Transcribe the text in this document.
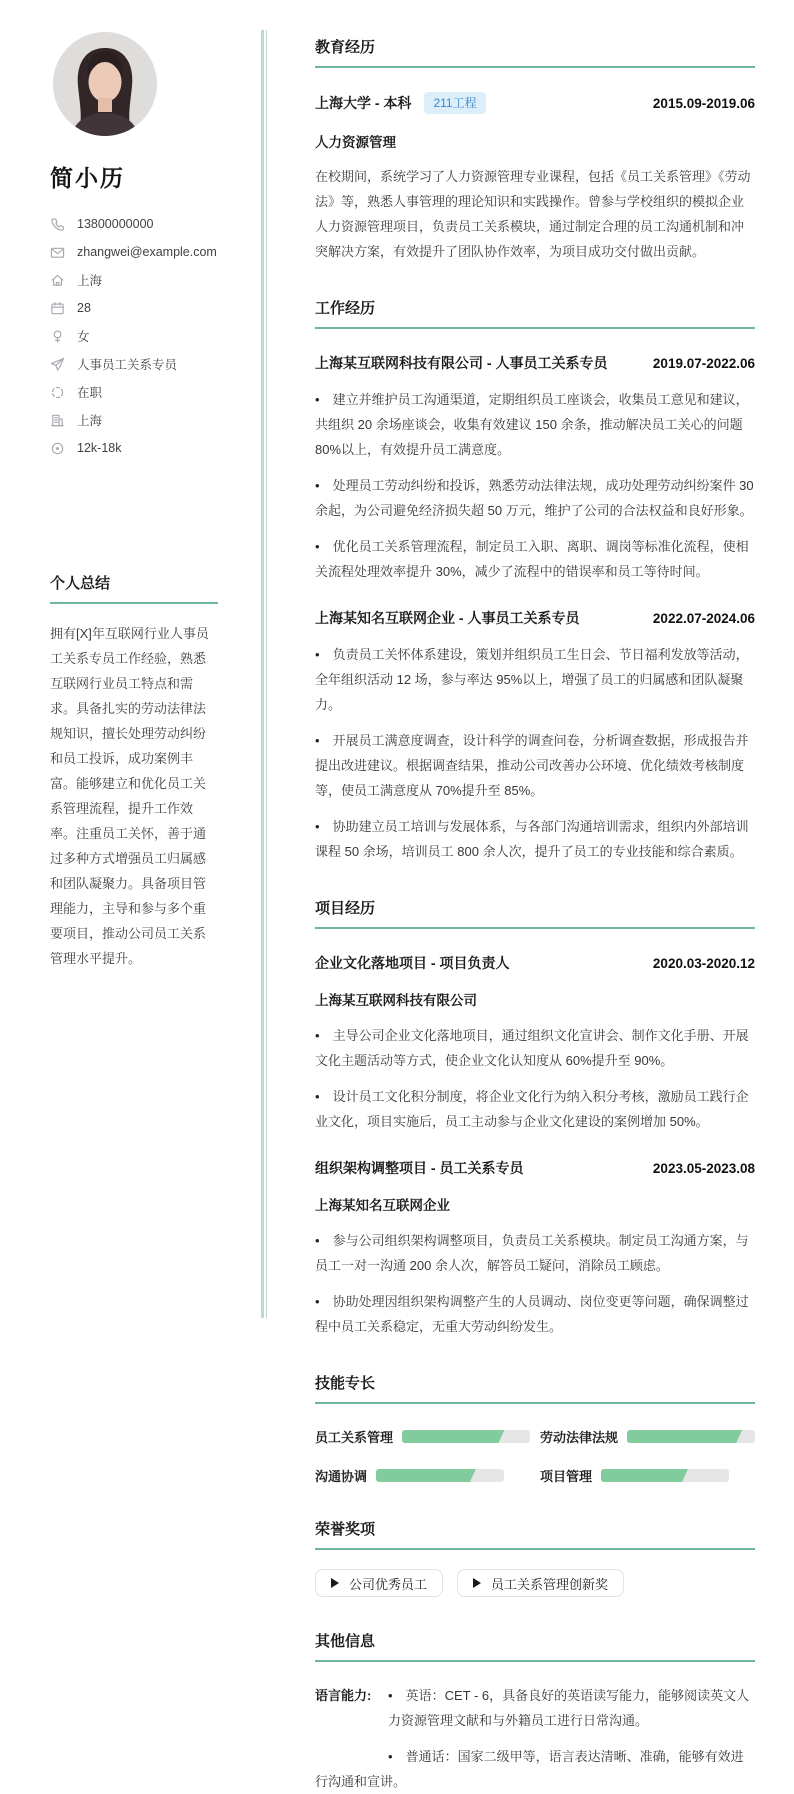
简小历
13800000000
zhangwei@example.com
上海
28
女
人事员工关系专员
在职
上海
12k-18k
个人总结

拥有[X]年互联网行业人事员工关系专员工作经验，熟悉互联网行业员工特点和需求。具备扎实的劳动法律法规知识，擅长处理劳动纠纷和员工投诉，成功案例丰富。能够建立和优化员工关系管理流程，提升工作效率。注重员工关怀，善于通过多种方式增强员工归属感和团队凝聚力。具备项目管理能力，主导和参与多个重要项目，推动公司员工关系管理水平提升。

教育经历
上海大学 - 本科	211工程	2015.09-2019.06
人力资源管理

在校期间，系统学习了人力资源管理专业课程，包括《员工关系管理》《劳动法》等，熟悉人事管理的理论知识和实践操作。曾参与学校组织的模拟企业人力资源管理项目，负责员工关系模块，通过制定合理的员工沟通机制和冲突解决方案，有效提升了团队协作效率，为项目成功交付做出贡献。

工作经历
上海某互联网科技有限公司 - 人事员工关系专员	2019.07-2022.06

• 建立并维护员工沟通渠道，定期组织员工座谈会，收集员工意见和建议，共组织 20 余场座谈会，收集有效建议 150 余条，推动解决员工关心的问题 80%以上，有效提升员工满意度。

• 处理员工劳动纠纷和投诉，熟悉劳动法律法规，成功处理劳动纠纷案件 30 余起，为公司避免经济损失超 50 万元，维护了公司的合法权益和良好形象。

• 优化员工关系管理流程，制定员工入职、离职、调岗等标准化流程，使相关流程处理效率提升 30%，减少了流程中的错误率和员工等待时间。

上海某知名互联网企业 - 人事员工关系专员	2022.07-2024.06

• 负责员工关怀体系建设，策划并组织员工生日会、节日福利发放等活动，全年组织活动 12 场，参与率达 95%以上，增强了员工的归属感和团队凝聚力。

• 开展员工满意度调查，设计科学的调查问卷，分析调查数据，形成报告并提出改进建议。根据调查结果，推动公司改善办公环境、优化绩效考核制度等，使员工满意度从 70%提升至 85%。

• 协助建立员工培训与发展体系，与各部门沟通培训需求，组织内外部培训课程 50 余场，培训员工 800 余人次，提升了员工的专业技能和综合素质。

项目经历
企业文化落地项目 - 项目负责人	2020.03-2020.12
上海某互联网科技有限公司

• 主导公司企业文化落地项目，通过组织文化宣讲会、制作文化手册、开展文化主题活动等方式，使企业文化认知度从 60%提升至 90%。

• 设计员工文化积分制度，将企业文化行为纳入积分考核，激励员工践行企业文化，项目实施后，员工主动参与企业文化建设的案例增加 50%。

组织架构调整项目 - 员工关系专员	2023.05-2023.08
上海某知名互联网企业

• 参与公司组织架构调整项目，负责员工关系模块。制定员工沟通方案，与员工一对一沟通 200 余人次，解答员工疑问，消除员工顾虑。

• 协助处理因组织架构调整产生的人员调动、岗位变更等问题，确保调整过程中员工关系稳定，无重大劳动纠纷发生。

技能专长
员工关系管理	劳动法律法规
沟通协调	项目管理
荣誉奖项
公司优秀员工	员工关系管理创新奖
其他信息
语言能力:	• 英语：CET - 6，具备良好的英语读写能力，能够阅读英文人力资源管理文献和与外籍员工进行日常沟通。

• 普通话：国家二级甲等，语言表达清晰、准确，能够有效进行沟通和宣讲。
